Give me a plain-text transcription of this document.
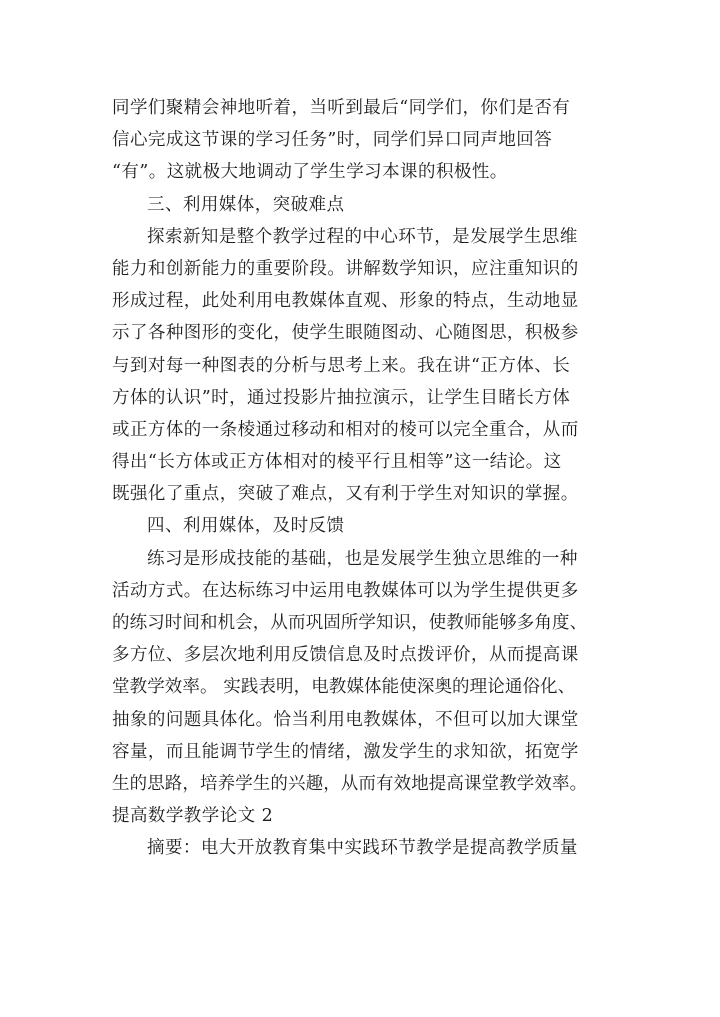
同学们聚精会神地听着，当听到最后“同学们，你们是否有
信心完成这节课的学习任务”时，同学们异口同声地回答
“有”。这就极大地调动了学生学习本课的积极性。
三、利用媒体，突破难点
探索新知是整个教学过程的中心环节，是发展学生思维
能力和创新能力的重要阶段。讲解数学知识，应注重知识的
形成过程，此处利用电教媒体直观、形象的特点，生动地显
示了各种图形的变化，使学生眼随图动、心随图思，积极参
与到对每一种图表的分析与思考上来。我在讲“正方体、长
方体的认识”时，通过投影片抽拉演示，让学生目睹长方体
或正方体的一条棱通过移动和相对的棱可以完全重合，从而
得出“长方体或正方体相对的棱平行且相等”这一结论。这
既强化了重点，突破了难点，又有利于学生对知识的掌握。
四、利用媒体，及时反馈
练习是形成技能的基础，也是发展学生独立思维的一种
活动方式。在达标练习中运用电教媒体可以为学生提供更多
的练习时间和机会，从而巩固所学知识，使教师能够多角度、
多方位、多层次地利用反馈信息及时点拨评价，从而提高课
堂教学效率。 实践表明，电教媒体能使深奥的理论通俗化、
抽象的问题具体化。恰当利用电教媒体，不但可以加大课堂
容量，而且能调节学生的情绪，激发学生的求知欲，拓宽学
生的思路，培养学生的兴趣，从而有效地提高课堂教学效率。
提高数学教学论文 2
摘要：电大开放教育集中实践环节教学是提高教学质量
